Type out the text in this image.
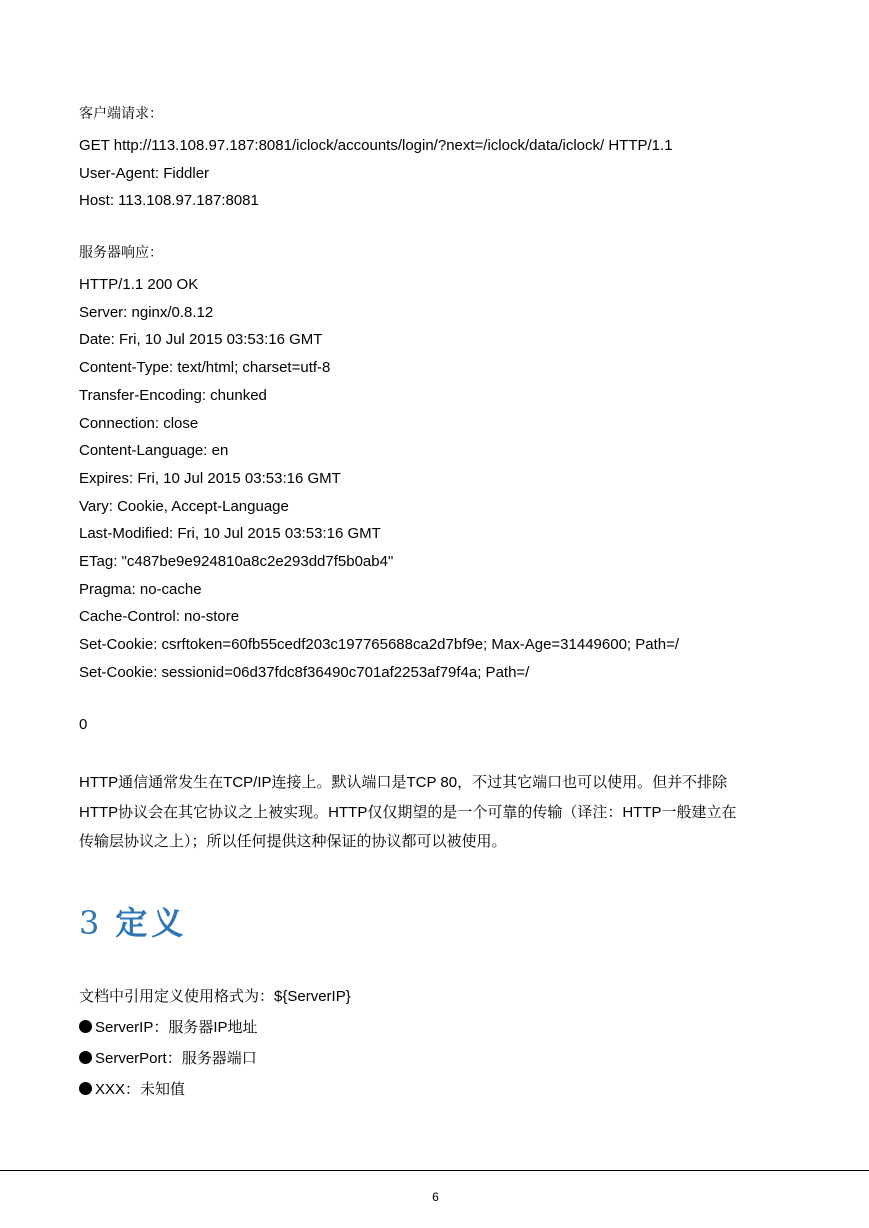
客户端请求：

GET http://113.108.97.187:8081/iclock/accounts/login/?next=/iclock/data/iclock/ HTTP/1.1

User-Agent: Fiddler

Host: 113.108.97.187:8081

服务器响应：

HTTP/1.1 200 OK

Server: nginx/0.8.12

Date: Fri, 10 Jul 2015 03:53:16 GMT

Content-Type: text/html; charset=utf-8

Transfer-Encoding: chunked

Connection: close

Content-Language: en

Expires: Fri, 10 Jul 2015 03:53:16 GMT

Vary: Cookie, Accept-Language

Last-Modified: Fri, 10 Jul 2015 03:53:16 GMT

ETag: "c487be9e924810a8c2e293dd7f5b0ab4"

Pragma: no-cache

Cache-Control: no-store

Set-Cookie: csrftoken=60fb55cedf203c197765688ca2d7bf9e; Max-Age=31449600; Path=/

Set-Cookie: sessionid=06d37fdc8f36490c701af2253af79f4a; Path=/

0

HTTP通信通常发生在TCP/IP连接上。默认端口是TCP 80，不过其它端口也可以使用。但并不排除
HTTP协议会在其它协议之上被实现。HTTP仅仅期望的是一个可靠的传输（译注：HTTP一般建立在
传输层协议之上）；所以任何提供这种保证的协议都可以被使用。
3 定义

文档中引用定义使用格式为：${ServerIP}

ServerIP：服务器IP地址

ServerPort：服务器端口

XXX：未知值

6
